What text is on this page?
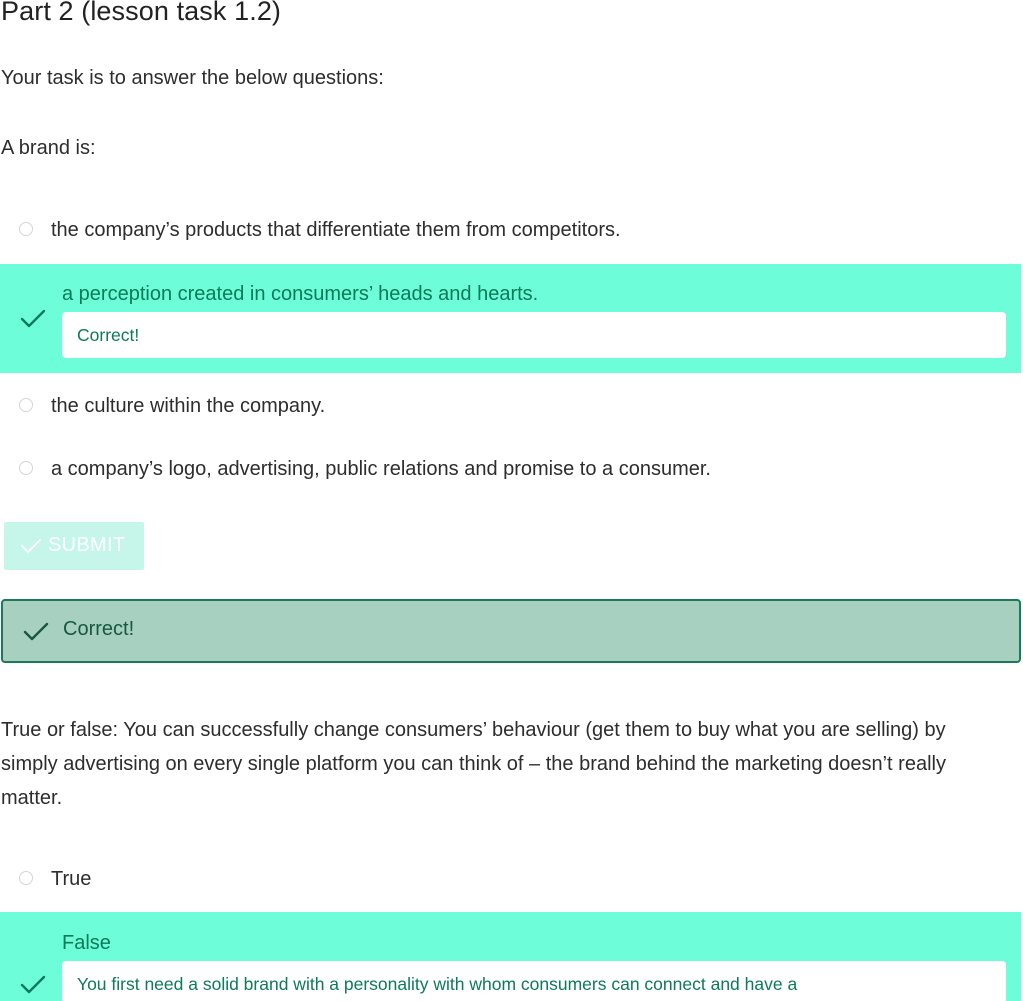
Part 2 (lesson task 1.2)
Your task is to answer the below questions:
A brand is:
the company’s products that differentiate them from competitors.
a perception created in consumers’ heads and hearts.
Correct!
the culture within the company.
a company’s logo, advertising, public relations and promise to a consumer.
SUBMIT
Correct!
True or false: You can successfully change consumers’ behaviour (get them to buy what you are selling) by simply advertising on every single platform you can think of – the brand behind the marketing doesn’t really matter.
True
False
You first need a solid brand with a personality with whom consumers can connect and have a
